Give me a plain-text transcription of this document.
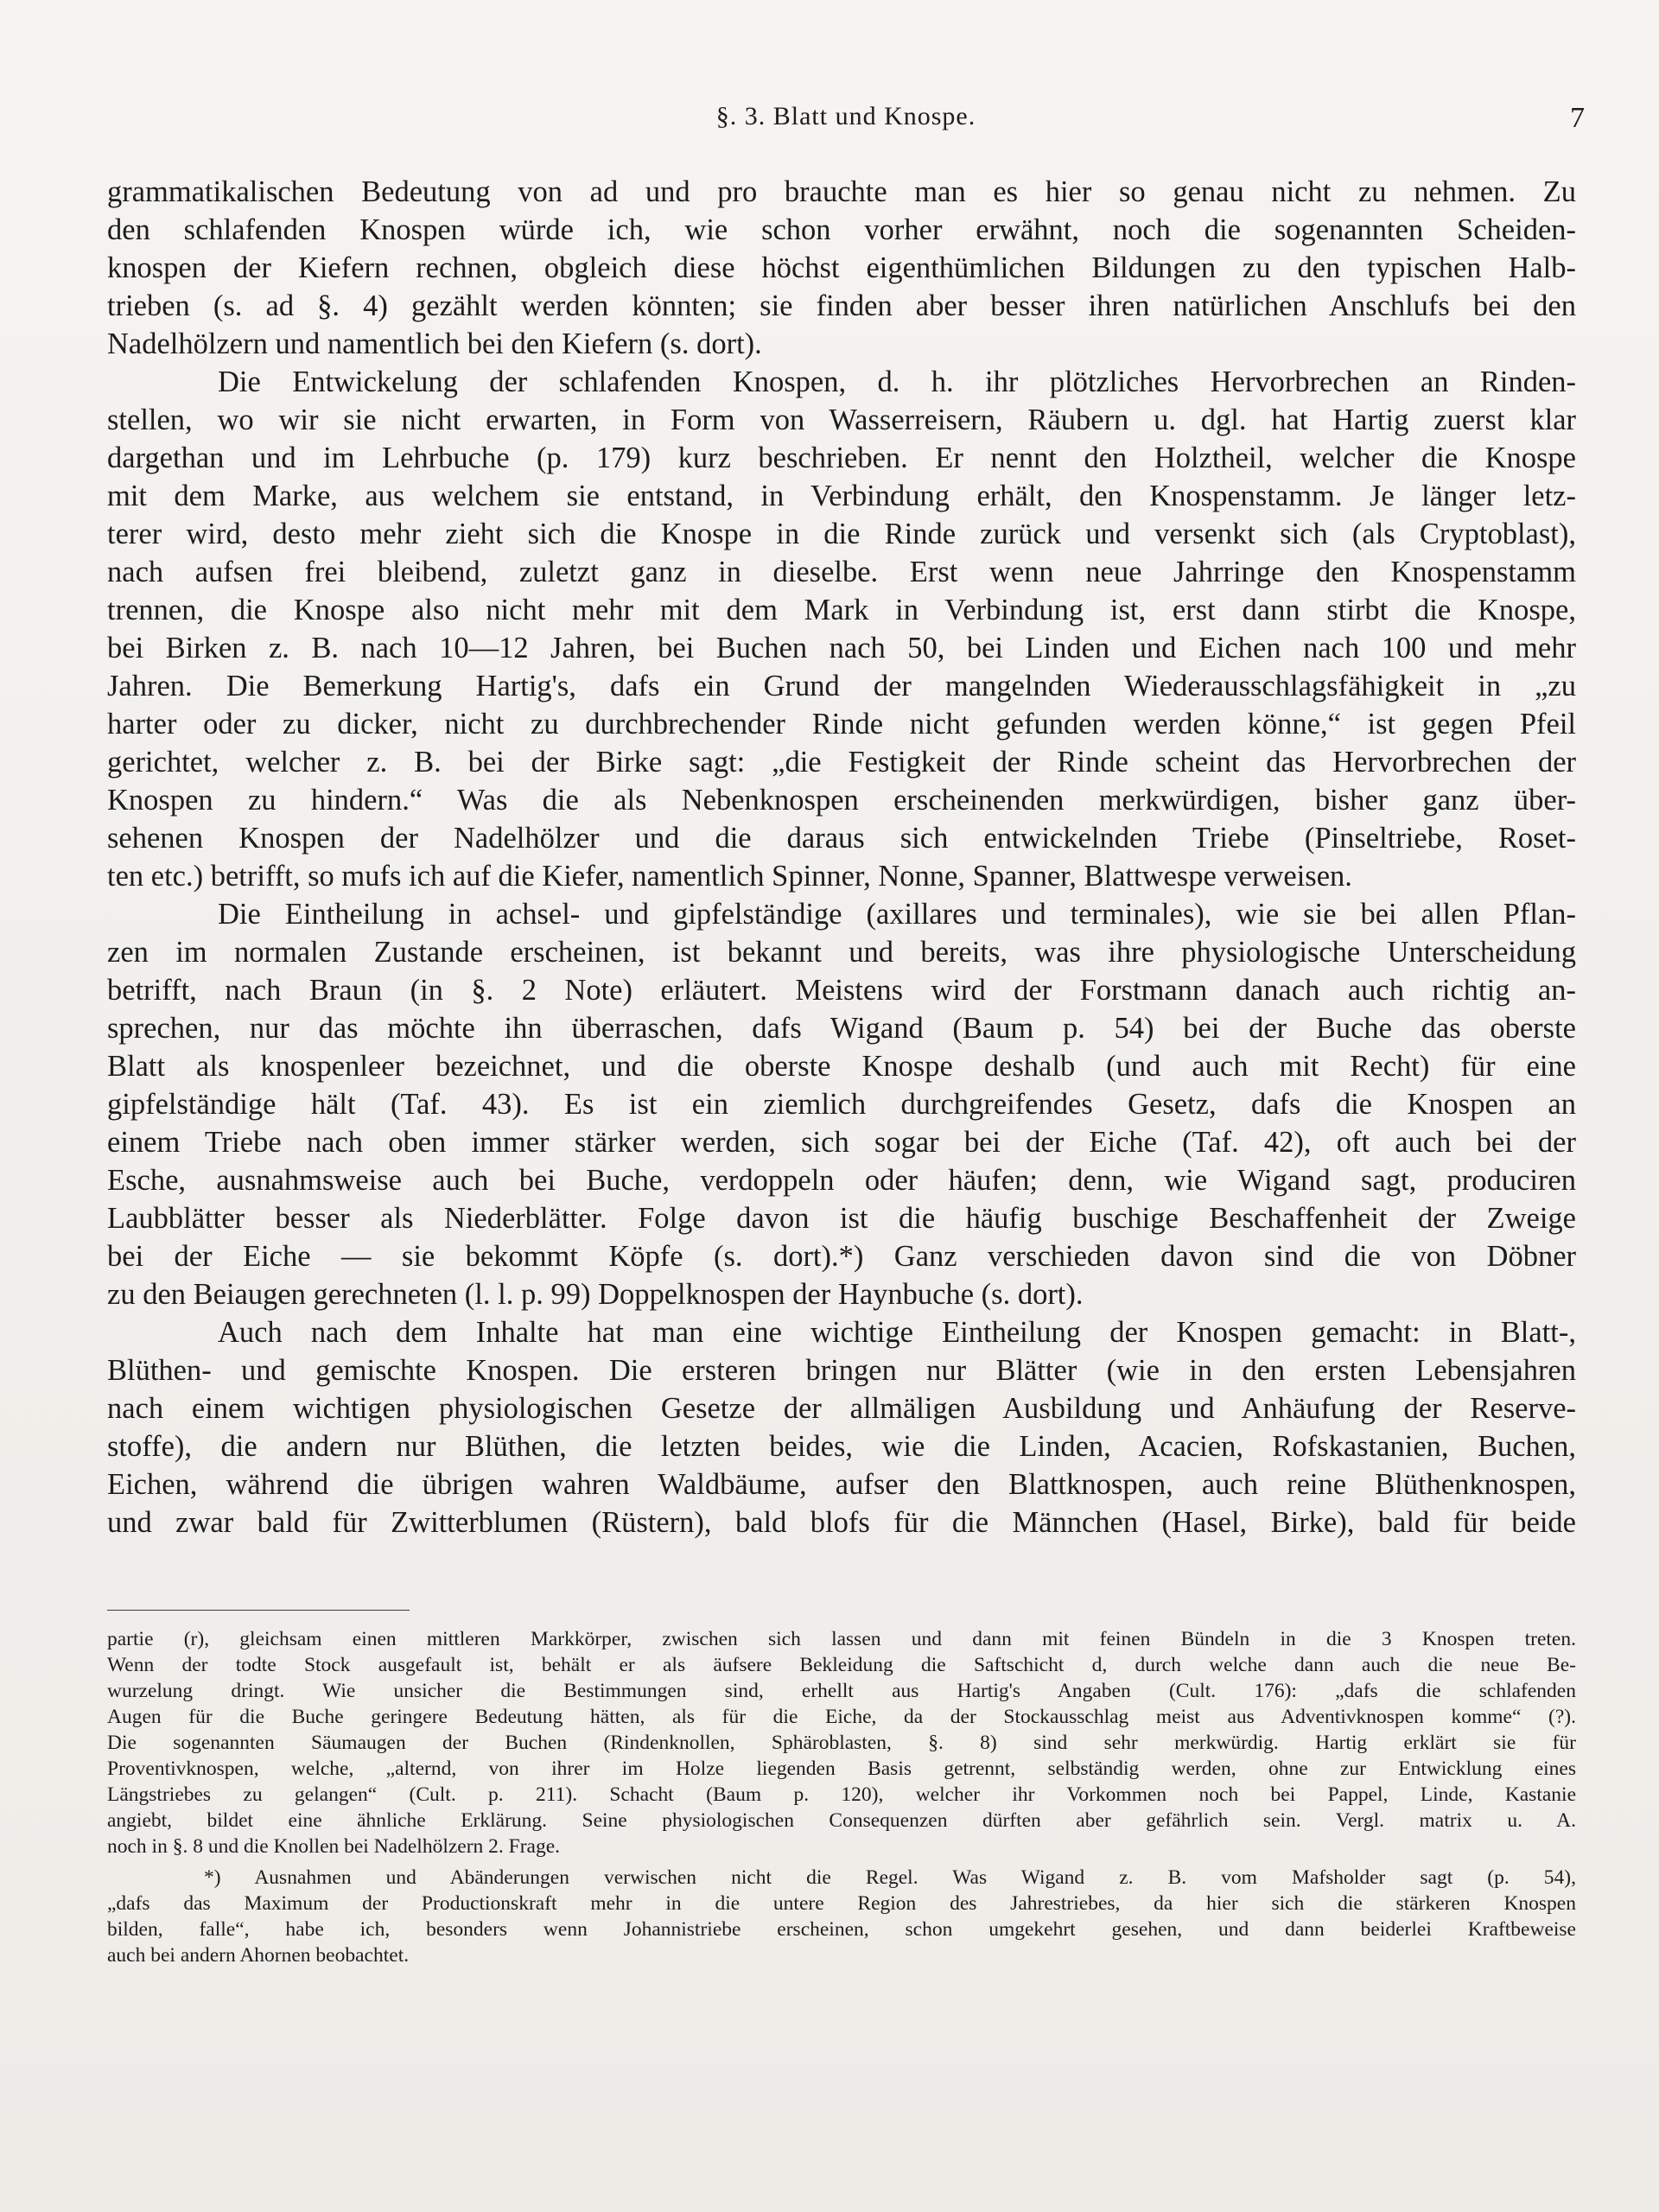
§. 3. Blatt und Knospe.	7
grammatikalischen Bedeutung von ad und pro brauchte man es hier so genau nicht zu nehmen. Zu
den schlafenden Knospen würde ich, wie schon vorher erwähnt, noch die sogenannten Scheiden-
knospen der Kiefern rechnen, obgleich diese höchst eigenthümlichen Bildungen zu den typischen Halb-
trieben (s. ad §. 4) gezählt werden könnten; sie finden aber besser ihren natürlichen Anschlufs bei den
Nadelhölzern und namentlich bei den Kiefern (s. dort).
Die Entwickelung der schlafenden Knospen, d. h. ihr plötzliches Hervorbrechen an Rinden-
stellen, wo wir sie nicht erwarten, in Form von Wasserreisern, Räubern u. dgl. hat Hartig zuerst klar
dargethan und im Lehrbuche (p. 179) kurz beschrieben. Er nennt den Holztheil, welcher die Knospe
mit dem Marke, aus welchem sie entstand, in Verbindung erhält, den Knospenstamm. Je länger letz-
terer wird, desto mehr zieht sich die Knospe in die Rinde zurück und versenkt sich (als Cryptoblast),
nach aufsen frei bleibend, zuletzt ganz in dieselbe. Erst wenn neue Jahrringe den Knospenstamm
trennen, die Knospe also nicht mehr mit dem Mark in Verbindung ist, erst dann stirbt die Knospe,
bei Birken z. B. nach 10—12 Jahren, bei Buchen nach 50, bei Linden und Eichen nach 100 und mehr
Jahren. Die Bemerkung Hartig's, dafs ein Grund der mangelnden Wiederausschlagsfähigkeit in „zu
harter oder zu dicker, nicht zu durchbrechender Rinde nicht gefunden werden könne,“ ist gegen Pfeil
gerichtet, welcher z. B. bei der Birke sagt: „die Festigkeit der Rinde scheint das Hervorbrechen der
Knospen zu hindern.“ Was die als Nebenknospen erscheinenden merkwürdigen, bisher ganz über-
sehenen Knospen der Nadelhölzer und die daraus sich entwickelnden Triebe (Pinseltriebe, Roset-
ten etc.) betrifft, so mufs ich auf die Kiefer, namentlich Spinner, Nonne, Spanner, Blattwespe verweisen.
Die Eintheilung in achsel- und gipfelständige (axillares und terminales), wie sie bei allen Pflan-
zen im normalen Zustande erscheinen, ist bekannt und bereits, was ihre physiologische Unterscheidung
betrifft, nach Braun (in §. 2 Note) erläutert. Meistens wird der Forstmann danach auch richtig an-
sprechen, nur das möchte ihn überraschen, dafs Wigand (Baum p. 54) bei der Buche das oberste
Blatt als knospenleer bezeichnet, und die oberste Knospe deshalb (und auch mit Recht) für eine
gipfelständige hält (Taf. 43). Es ist ein ziemlich durchgreifendes Gesetz, dafs die Knospen an
einem Triebe nach oben immer stärker werden, sich sogar bei der Eiche (Taf. 42), oft auch bei der
Esche, ausnahmsweise auch bei Buche, verdoppeln oder häufen; denn, wie Wigand sagt, produciren
Laubblätter besser als Niederblätter. Folge davon ist die häufig buschige Beschaffenheit der Zweige
bei der Eiche — sie bekommt Köpfe (s. dort).*) Ganz verschieden davon sind die von Döbner
zu den Beiaugen gerechneten (l. l. p. 99) Doppelknospen der Haynbuche (s. dort).
Auch nach dem Inhalte hat man eine wichtige Eintheilung der Knospen gemacht: in Blatt-,
Blüthen- und gemischte Knospen. Die ersteren bringen nur Blätter (wie in den ersten Lebensjahren
nach einem wichtigen physiologischen Gesetze der allmäligen Ausbildung und Anhäufung der Reserve-
stoffe), die andern nur Blüthen, die letzten beides, wie die Linden, Acacien, Rofskastanien, Buchen,
Eichen, während die übrigen wahren Waldbäume, aufser den Blattknospen, auch reine Blüthenknospen,
und zwar bald für Zwitterblumen (Rüstern), bald blofs für die Männchen (Hasel, Birke), bald für beide
partie (r), gleichsam einen mittleren Markkörper, zwischen sich lassen und dann mit feinen Bündeln in die 3 Knospen treten.
Wenn der todte Stock ausgefault ist, behält er als äufsere Bekleidung die Saftschicht d, durch welche dann auch die neue Be-
wurzelung dringt. Wie unsicher die Bestimmungen sind, erhellt aus Hartig's Angaben (Cult. 176): „dafs die schlafenden
Augen für die Buche geringere Bedeutung hätten, als für die Eiche, da der Stockausschlag meist aus Adventivknospen komme“ (?).
Die sogenannten Säumaugen der Buchen (Rindenknollen, Sphäroblasten, §. 8) sind sehr merkwürdig. Hartig erklärt sie für
Proventivknospen, welche, „alternd, von ihrer im Holze liegenden Basis getrennt, selbständig werden, ohne zur Entwicklung eines
Längstriebes zu gelangen“ (Cult. p. 211). Schacht (Baum p. 120), welcher ihr Vorkommen noch bei Pappel, Linde, Kastanie
angiebt, bildet eine ähnliche Erklärung. Seine physiologischen Consequenzen dürften aber gefährlich sein. Vergl. matrix u. A.
noch in §. 8 und die Knollen bei Nadelhölzern 2. Frage.
*) Ausnahmen und Abänderungen verwischen nicht die Regel. Was Wigand z. B. vom Mafsholder sagt (p. 54),
„dafs das Maximum der Productionskraft mehr in die untere Region des Jahrestriebes, da hier sich die stärkeren Knospen
bilden, falle“, habe ich, besonders wenn Johannistriebe erscheinen, schon umgekehrt gesehen, und dann beiderlei Kraftbeweise
auch bei andern Ahornen beobachtet.
